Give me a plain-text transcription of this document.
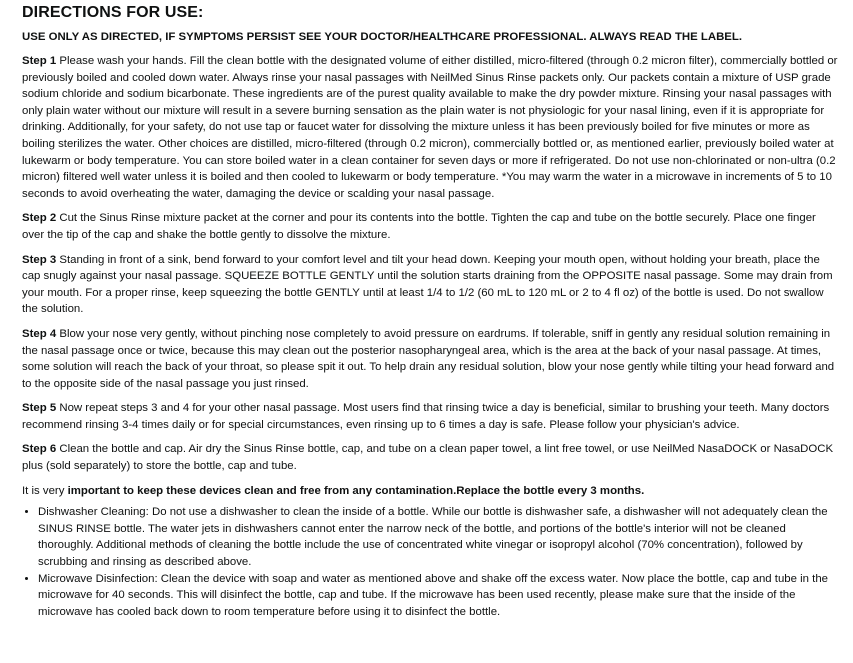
DIRECTIONS FOR USE:
USE ONLY AS DIRECTED, IF SYMPTOMS PERSIST SEE YOUR DOCTOR/HEALTHCARE PROFESSIONAL. ALWAYS READ THE LABEL.

Step 1 Please wash your hands. Fill the clean bottle with the designated volume of either distilled, micro-filtered (through 0.2 micron filter), commercially bottled or previously boiled and cooled down water. Always rinse your nasal passages with NeilMed Sinus Rinse packets only. Our packets contain a mixture of USP grade sodium chloride and sodium bicarbonate. These ingredients are of the purest quality available to make the dry powder mixture. Rinsing your nasal passages with only plain water without our mixture will result in a severe burning sensation as the plain water is not physiologic for your nasal lining, even if it is appropriate for drinking. Additionally, for your safety, do not use tap or faucet water for dissolving the mixture unless it has been previously boiled for five minutes or more as boiling sterilizes the water. Other choices are distilled, micro-filtered (through 0.2 micron), commercially bottled or, as mentioned earlier, previously boiled water at lukewarm or body temperature. You can store boiled water in a clean container for seven days or more if refrigerated. Do not use non-chlorinated or non-ultra (0.2 micron) filtered well water unless it is boiled and then cooled to lukewarm or body temperature. *You may warm the water in a microwave in increments of 5 to 10 seconds to avoid overheating the water, damaging the device or scalding your nasal passage.

Step 2 Cut the Sinus Rinse mixture packet at the corner and pour its contents into the bottle. Tighten the cap and tube on the bottle securely. Place one finger over the tip of the cap and shake the bottle gently to dissolve the mixture.

Step 3 Standing in front of a sink, bend forward to your comfort level and tilt your head down. Keeping your mouth open, without holding your breath, place the cap snugly against your nasal passage. SQUEEZE BOTTLE GENTLY until the solution starts draining from the OPPOSITE nasal passage. Some may drain from your mouth. For a proper rinse, keep squeezing the bottle GENTLY until at least 1/4 to 1/2 (60 mL to 120 mL or 2 to 4 fl oz) of the bottle is used. Do not swallow the solution.

Step 4 Blow your nose very gently, without pinching nose completely to avoid pressure on eardrums. If tolerable, sniff in gently any residual solution remaining in the nasal passage once or twice, because this may clean out the posterior nasopharyngeal area, which is the area at the back of your nasal passage. At times, some solution will reach the back of your throat, so please spit it out. To help drain any residual solution, blow your nose gently while tilting your head forward and to the opposite side of the nasal passage you just rinsed.

Step 5 Now repeat steps 3 and 4 for your other nasal passage. Most users find that rinsing twice a day is beneficial, similar to brushing your teeth. Many doctors recommend rinsing 3-4 times daily or for special circumstances, even rinsing up to 6 times a day is safe. Please follow your physician's advice.

Step 6 Clean the bottle and cap. Air dry the Sinus Rinse bottle, cap, and tube on a clean paper towel, a lint free towel, or use NeilMed NasaDOCK or NasaDOCK plus (sold separately) to store the bottle, cap and tube.

It is very important to keep these devices clean and free from any contamination.Replace the bottle every 3 months.

• Dishwasher Cleaning: Do not use a dishwasher to clean the inside of a bottle. While our bottle is dishwasher safe, a dishwasher will not adequately clean the SINUS RINSE bottle. The water jets in dishwashers cannot enter the narrow neck of the bottle, and portions of the bottle's interior will not be cleaned thoroughly. Additional methods of cleaning the bottle include the use of concentrated white vinegar or isopropyl alcohol (70% concentration), followed by scrubbing and rinsing as described above.
• Microwave Disinfection: Clean the device with soap and water as mentioned above and shake off the excess water. Now place the bottle, cap and tube in the microwave for 40 seconds. This will disinfect the bottle, cap and tube. If the microwave has been used recently, please make sure that the inside of the microwave has cooled back down to room temperature before using it to disinfect the bottle.
